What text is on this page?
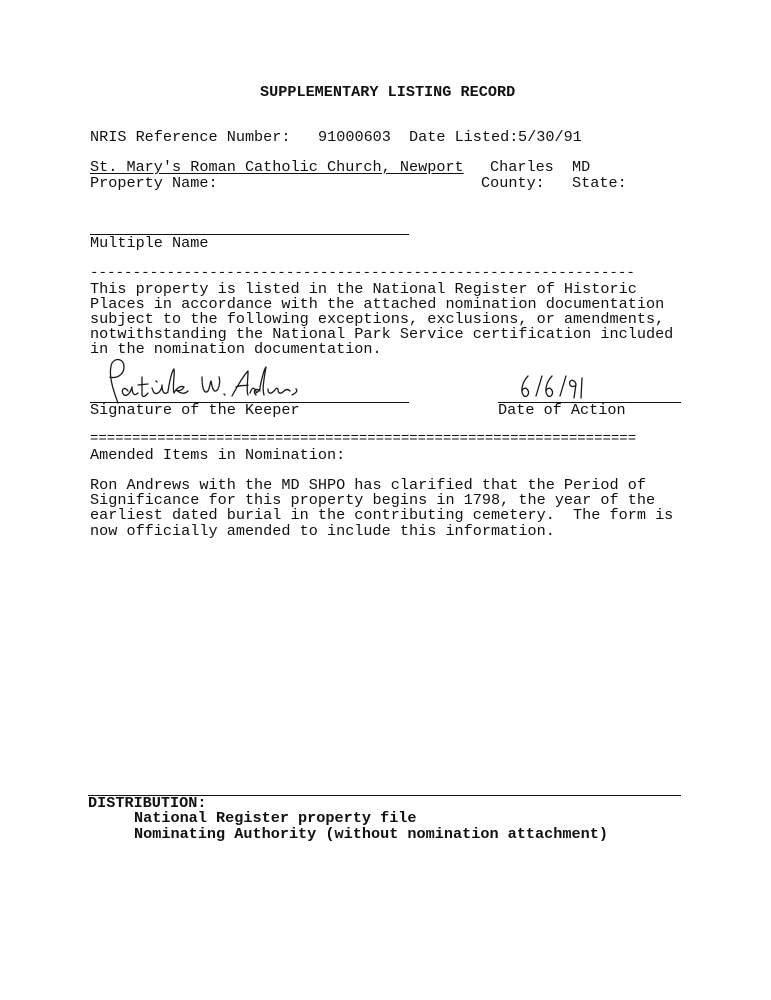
SUPPLEMENTARY LISTING RECORD

NRIS Reference Number: 91000603 Date Listed: 5/30/91

St. Mary's Roman Catholic Church, Newport Charles MD

Property Name:	County: State:

Multiple Name

----------------------------------------------------------------

This property is listed in the National Register of Historic

Places in accordance with the attached nomination documentation

subject to the following exceptions, exclusions, or amendments,

notwithstanding the National Park Service certification included

in the nomination documentation.

Signature of the Keeper	Date of Action

=================================================================

Amended Items in Nomination:

Ron Andrews with the MD SHPO has clarified that the Period of

Significance for this property begins in 1798, the year of the

earliest dated burial in the contributing cemetery.  The form is

now officially amended to include this information.

DISTRIBUTION:

National Register property file

Nominating Authority (without nomination attachment)
